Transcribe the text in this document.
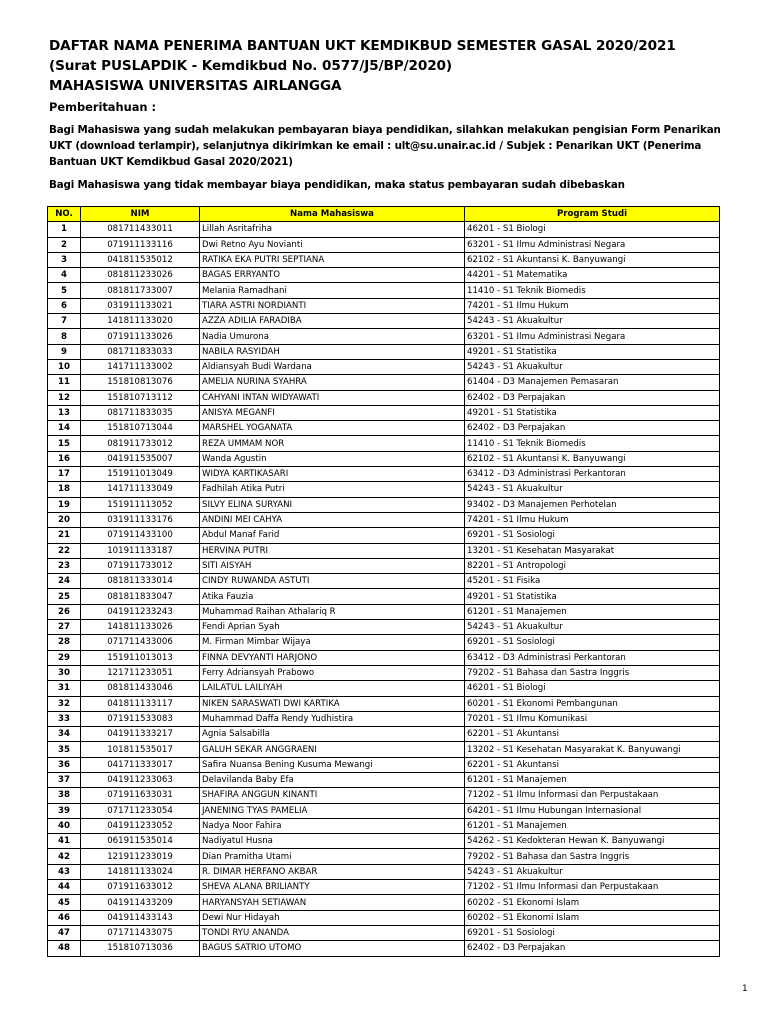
DAFTAR NAMA PENERIMA BANTUAN UKT KEMDIKBUD SEMESTER GASAL 2020/2021
(Surat PUSLAPDIK - Kemdikbud No. 0577/J5/BP/2020)
MAHASISWA UNIVERSITAS AIRLANGGA
Pemberitahuan :
Bagi Mahasiswa yang sudah melakukan pembayaran biaya pendidikan, silahkan melakukan pengisian Form Penarikan UKT (download terlampir), selanjutnya dikirimkan ke email : ult@su.unair.ac.id / Subjek : Penarikan UKT (Penerima Bantuan UKT Kemdikbud Gasal 2020/2021)
Bagi Mahasiswa yang tidak membayar biaya pendidikan, maka status pembayaran sudah dibebaskan
NO.	NIM	Nama Mahasiswa	Program Studi
1	081711433011	Lillah Asritafriha	46201 - S1 Biologi
2	071911133116	Dwi Retno Ayu Novianti	63201 - S1 Ilmu Administrasi Negara
3	041811535012	RATIKA EKA PUTRI SEPTIANA	62102 - S1 Akuntansi K. Banyuwangi
4	081811233026	BAGAS ERRYANTO	44201 - S1 Matematika
5	081811733007	Melania Ramadhani	11410 - S1 Teknik Biomedis
6	031911133021	TIARA ASTRI NORDIANTI	74201 - S1 Ilmu Hukum
7	141811133020	AZZA ADILIA FARADIBA	54243 - S1 Akuakultur
8	071911133026	Nadia Umurona	63201 - S1 Ilmu Administrasi Negara
9	081711833033	NABILA RASYIDAH	49201 - S1 Statistika
10	141711133002	Aldiansyah Budi Wardana	54243 - S1 Akuakultur
11	151810813076	AMELIA NURINA SYAHRA	61404 - D3 Manajemen Pemasaran
12	151810713112	CAHYANI INTAN WIDYAWATI	62402 - D3 Perpajakan
13	081711833035	ANISYA MEGANFI	49201 - S1 Statistika
14	151810713044	MARSHEL YOGANATA	62402 - D3 Perpajakan
15	081911733012	REZA UMMAM NOR	11410 - S1 Teknik Biomedis
16	041911535007	Wanda Agustin	62102 - S1 Akuntansi K. Banyuwangi
17	151911013049	WIDYA KARTIKASARI	63412 - D3 Administrasi Perkantoran
18	141711133049	Fadhilah Atika Putri	54243 - S1 Akuakultur
19	151911113052	SILVY ELINA SURYANI	93402 - D3 Manajemen Perhotelan
20	031911133176	ANDINI MEI CAHYA	74201 - S1 Ilmu Hukum
21	071911433100	Abdul Manaf Farid	69201 - S1 Sosiologi
22	101911133187	HERVINA PUTRI	13201 - S1 Kesehatan Masyarakat
23	071911733012	SITI AISYAH	82201 - S1 Antropologi
24	081811333014	CINDY RUWANDA ASTUTI	45201 - S1 Fisika
25	081811833047	Atika Fauzia	49201 - S1 Statistika
26	041911233243	Muhammad Raihan Athalariq R	61201 - S1 Manajemen
27	141811133026	Fendi Aprian Syah	54243 - S1 Akuakultur
28	071711433006	M. Firman Mimbar Wijaya	69201 - S1 Sosiologi
29	151911013013	FINNA DEVYANTI HARJONO	63412 - D3 Administrasi Perkantoran
30	121711233051	Ferry Adriansyah Prabowo	79202 - S1 Bahasa dan Sastra Inggris
31	081811433046	LAILATUL LAILIYAH	46201 - S1 Biologi
32	041811133117	NIKEN SARASWATI DWI KARTIKA	60201 - S1 Ekonomi Pembangunan
33	071911533083	Muhammad Daffa Rendy Yudhistira	70201 - S1 Ilmu Komunikasi
34	041911333217	Agnia Salsabilla	62201 - S1 Akuntansi
35	101811535017	GALUH SEKAR ANGGRAENI	13202 - S1 Kesehatan Masyarakat K. Banyuwangi
36	041711333017	Safira Nuansa Bening Kusuma Mewangi	62201 - S1 Akuntansi
37	041911233063	Delavilanda Baby Efa	61201 - S1 Manajemen
38	071911633031	SHAFIRA ANGGUN KINANTI	71202 - S1 Ilmu Informasi dan Perpustakaan
39	071711233054	JANENING TYAS PAMELIA	64201 - S1 Ilmu Hubungan Internasional
40	041911233052	Nadya Noor Fahira	61201 - S1 Manajemen
41	061911535014	Nadiyatul Husna	54262 - S1 Kedokteran Hewan K. Banyuwangi
42	121911233019	Dian Pramitha Utami	79202 - S1 Bahasa dan Sastra Inggris
43	141811133024	R. DIMAR HERFANO AKBAR	54243 - S1 Akuakultur
44	071911633012	SHEVA ALANA BRILIANTY	71202 - S1 Ilmu Informasi dan Perpustakaan
45	041911433209	HARYANSYAH SETIAWAN	60202 - S1 Ekonomi Islam
46	041911433143	Dewi Nur Hidayah	60202 - S1 Ekonomi Islam
47	071711433075	TONDI RYU ANANDA	69201 - S1 Sosiologi
48	151810713036	BAGUS SATRIO UTOMO	62402 - D3 Perpajakan
1
